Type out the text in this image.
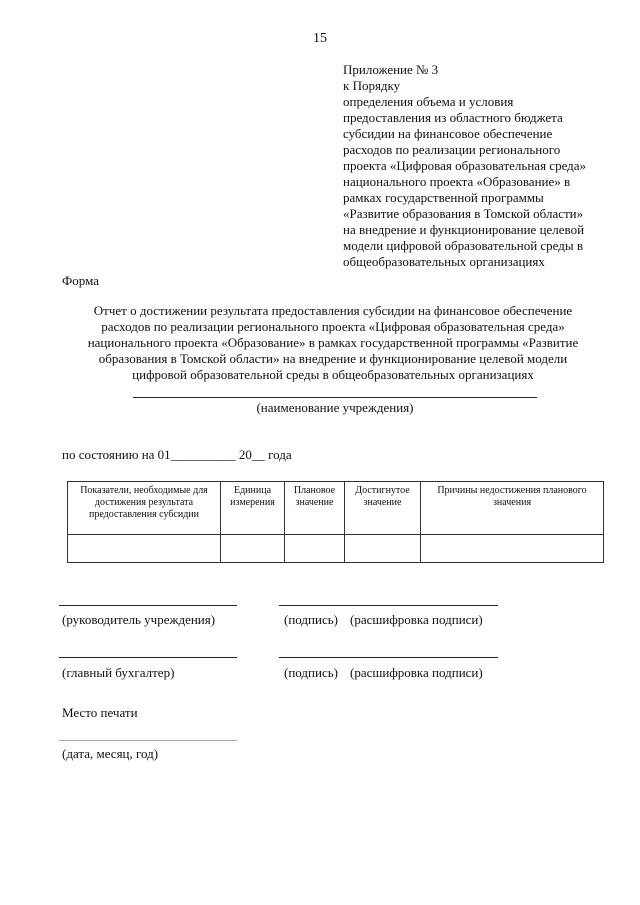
15
Приложение № 3
к Порядку
определения объема и условия
предоставления из областного бюджета
субсидии на финансовое обеспечение
расходов по реализации регионального
проекта «Цифровая образовательная среда»
национального проекта «Образование» в
рамках государственной программы
«Развитие образования в Томской области»
на внедрение и функционирование целевой
модели цифровой образовательной среды в
общеобразовательных организациях
Форма
Отчет о достижении результата предоставления субсидии на финансовое обеспечение
расходов по реализации регионального проекта «Цифровая образовательная среда»
национального проекта «Образование» в рамках государственной программы «Развитие
образования в Томской области» на внедрение и функционирование целевой модели
цифровой образовательной среды в общеобразовательных организациях
(наименование учреждения)
по состоянию на 01__________ 20__ года
Показатели, необходимые для достижения результата предоставления субсидии	Единица измерения	Плановое значение	Достигнутое значение	Причины недостижения планового значения

(руководитель учреждения)	(подпись) (расшифровка подписи)
(главный бухгалтер)	(подпись) (расшифровка подписи)
Место печати
(дата, месяц, год)
